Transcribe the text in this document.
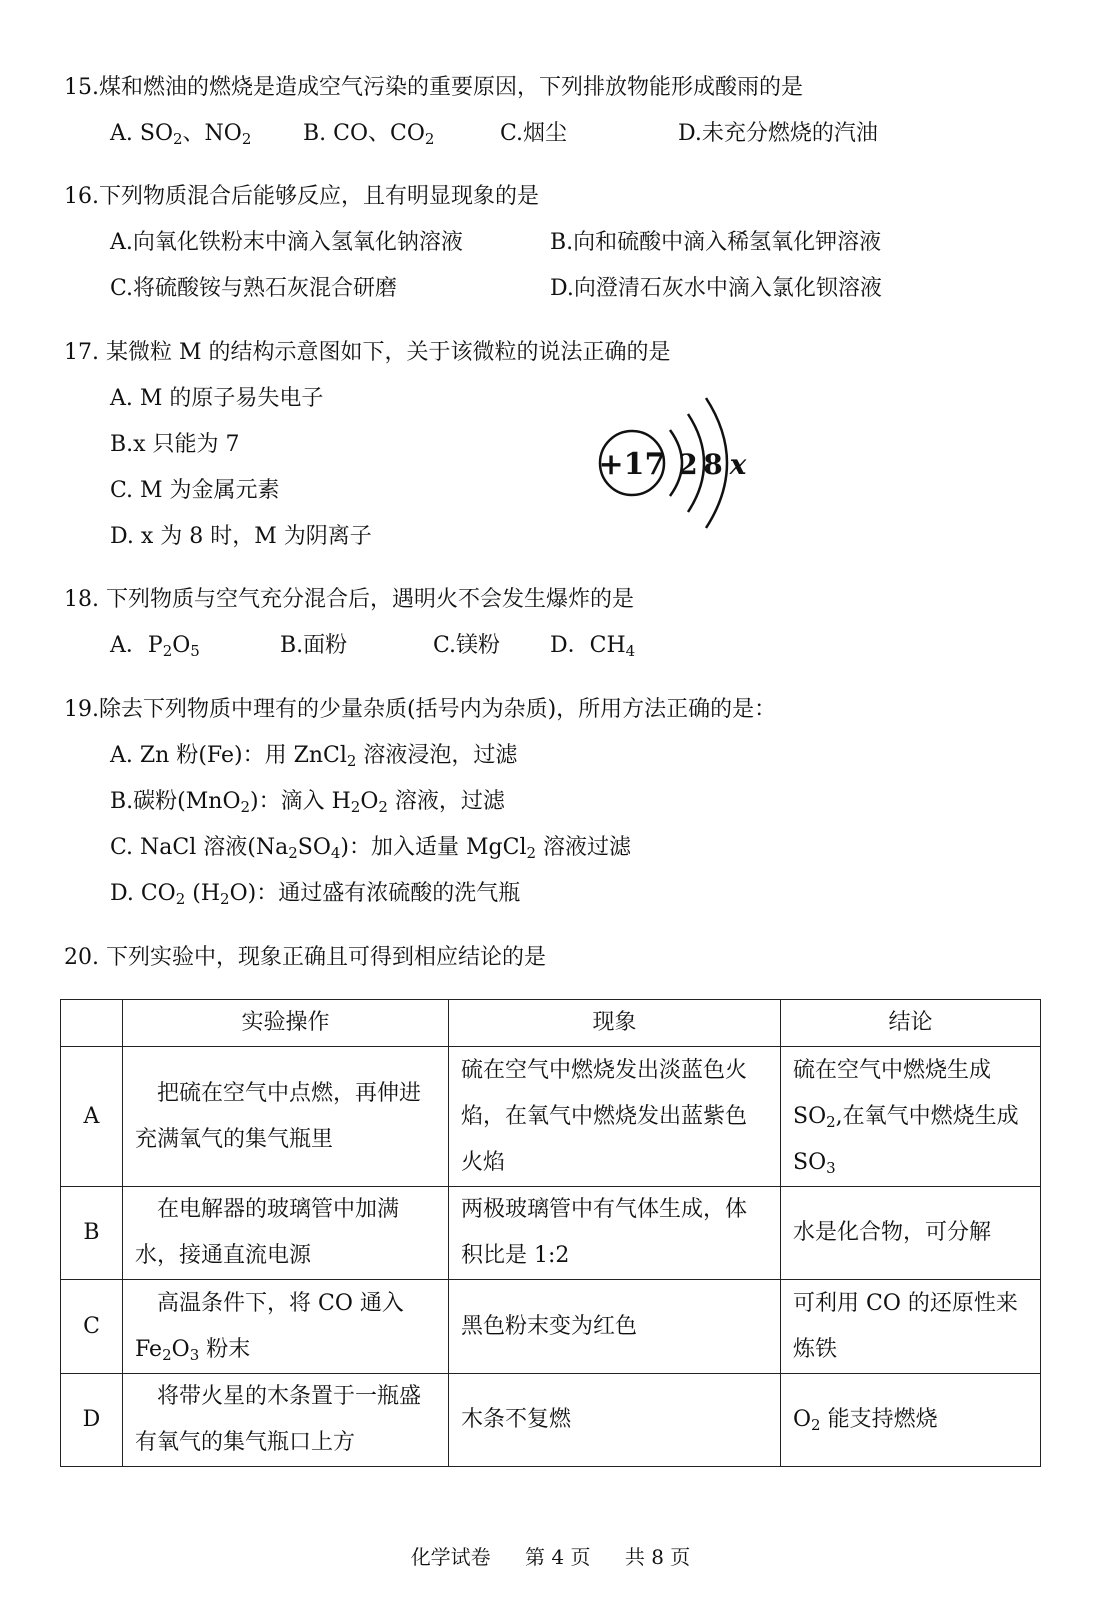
15.煤和燃油的燃烧是造成空气污染的重要原因，下列排放物能形成酸雨的是
A. $SO_2$、$NO_2$ B. CO、$CO_2$	C.烟尘	D.未充分燃烧的汽油
16.下列物质混合后能够反应，且有明显现象的是
A.向氧化铁粉末中滴入氢氧化钠溶液	B.向和硫酸中滴入稀氢氧化钾溶液
C.将硫酸铵与熟石灰混合研磨	D.向澄清石灰水中滴入氯化钡溶液
17. 某微粒 M 的结构示意图如下，关于该微粒的说法正确的是
A. M 的原子易失电子
B.x 只能为 7
C. M 为金属元素
D. x 为 8 时，M 为阴离子
+17 2 8 x
18. 下列物质与空气充分混合后，遇明火不会发生爆炸的是
A．$P_2O_5$	B.面粉	C.镁粉 D．$CH_4$
19.除去下列物质中理有的少量杂质(括号内为杂质)，所用方法正确的是：
A. Zn 粉(Fe)：用 ZnCl$_2$ 溶液浸泡，过滤
B.碳粉(MnO$_2$)：滴入 $H_2O_2$ 溶液，过滤
C. NaCl 溶液$(Na_2SO_4)$：加入适量 MgCl$_2$ 溶液过滤
D. $CO_2$ $(H_2O)$：通过盛有浓硫酸的洗气瓶
20. 下列实验中，现象正确且可得到相应结论的是
	实验操作	现象	结论
A	把硫在空气中点燃，再伸进充满氧气的集气瓶里	硫在空气中燃烧发出淡蓝色火焰，在氧气中燃烧发出蓝紫色火焰	硫在空气中燃烧生成$SO_2$,在氧气中燃烧生成 $SO_3$
B	在电解器的玻璃管中加满水，接通直流电源	两极玻璃管中有气体生成，体积比是 1:2	水是化合物，可分解
C	高温条件下，将 CO 通入$Fe_2O_3$ 粉末	黑色粉末变为红色	可利用 CO 的还原性来炼铁
D	将带火星的木条置于一瓶盛有氧气的集气瓶口上方	木条不复燃	$O_2$ 能支持燃烧
化学试卷 第 4 页 共 8 页
